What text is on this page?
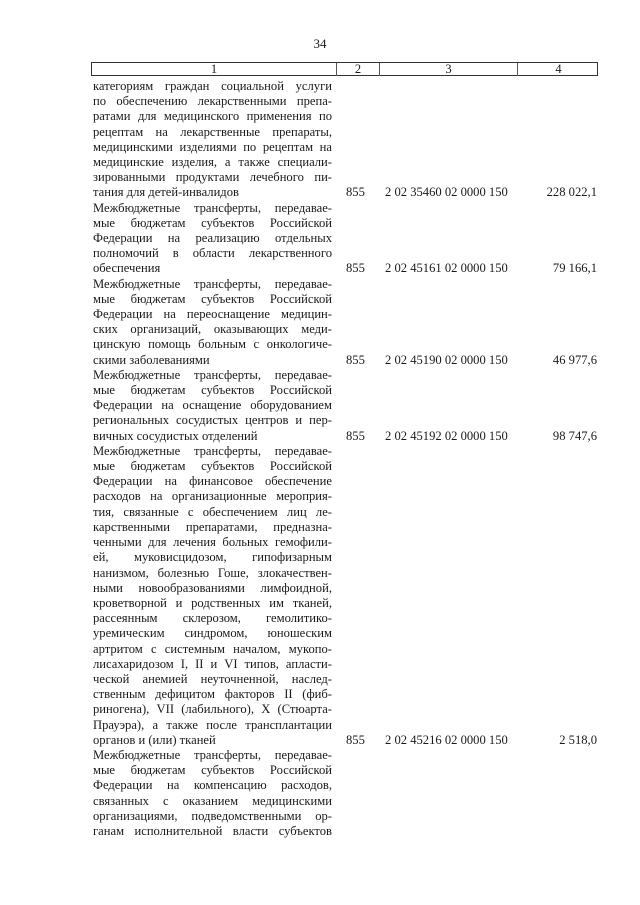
34
1	2	3	4
категориям граждан социальной услуги
по обеспечению лекарственными препа-
ратами для медицинского применения по
рецептам на лекарственные препараты,
медицинскими изделиями по рецептам на
медицинские изделия, а также специали-
зированными продуктами лечебного пи-
тания для детей-инвалидов	855	2 02 35460 02 0000 150	228 022,1
Межбюджетные трансферты, передавае-
мые бюджетам субъектов Российской
Федерации на реализацию отдельных
полномочий в области лекарственного
обеспечения	855	2 02 45161 02 0000 150	79 166,1
Межбюджетные трансферты, передавае-
мые бюджетам субъектов Российской
Федерации на переоснащение медицин-
ских организаций, оказывающих меди-
цинскую помощь больным с онкологиче-
скими заболеваниями	855	2 02 45190 02 0000 150	46 977,6
Межбюджетные трансферты, передавае-
мые бюджетам субъектов Российской
Федерации на оснащение оборудованием
региональных сосудистых центров и пер-
вичных сосудистых отделений	855	2 02 45192 02 0000 150	98 747,6
Межбюджетные трансферты, передавае-
мые бюджетам субъектов Российской
Федерации на финансовое обеспечение
расходов на организационные мероприя-
тия, связанные с обеспечением лиц ле-
карственными препаратами, предназна-
ченными для лечения больных гемофили-
ей, муковисцидозом, гипофизарным
нанизмом, болезнью Гоше, злокачествен-
ными новообразованиями лимфоидной,
кроветворной и родственных им тканей,
рассеянным склерозом, гемолитико-
уремическим синдромом, юношеским
артритом с системным началом, мукопо-
лисахаридозом I, II и VI типов, апласти-
ческой анемией неуточненной, наслед-
ственным дефицитом факторов II (фиб-
риногена), VII (лабильного), X (Стюарта-
Прауэра), а также после трансплантации
органов и (или) тканей	855	2 02 45216 02 0000 150	2 518,0
Межбюджетные трансферты, передавае-
мые бюджетам субъектов Российской
Федерации на компенсацию расходов,
связанных с оказанием медицинскими
организациями, подведомственными ор-
ганам исполнительной власти субъектов
